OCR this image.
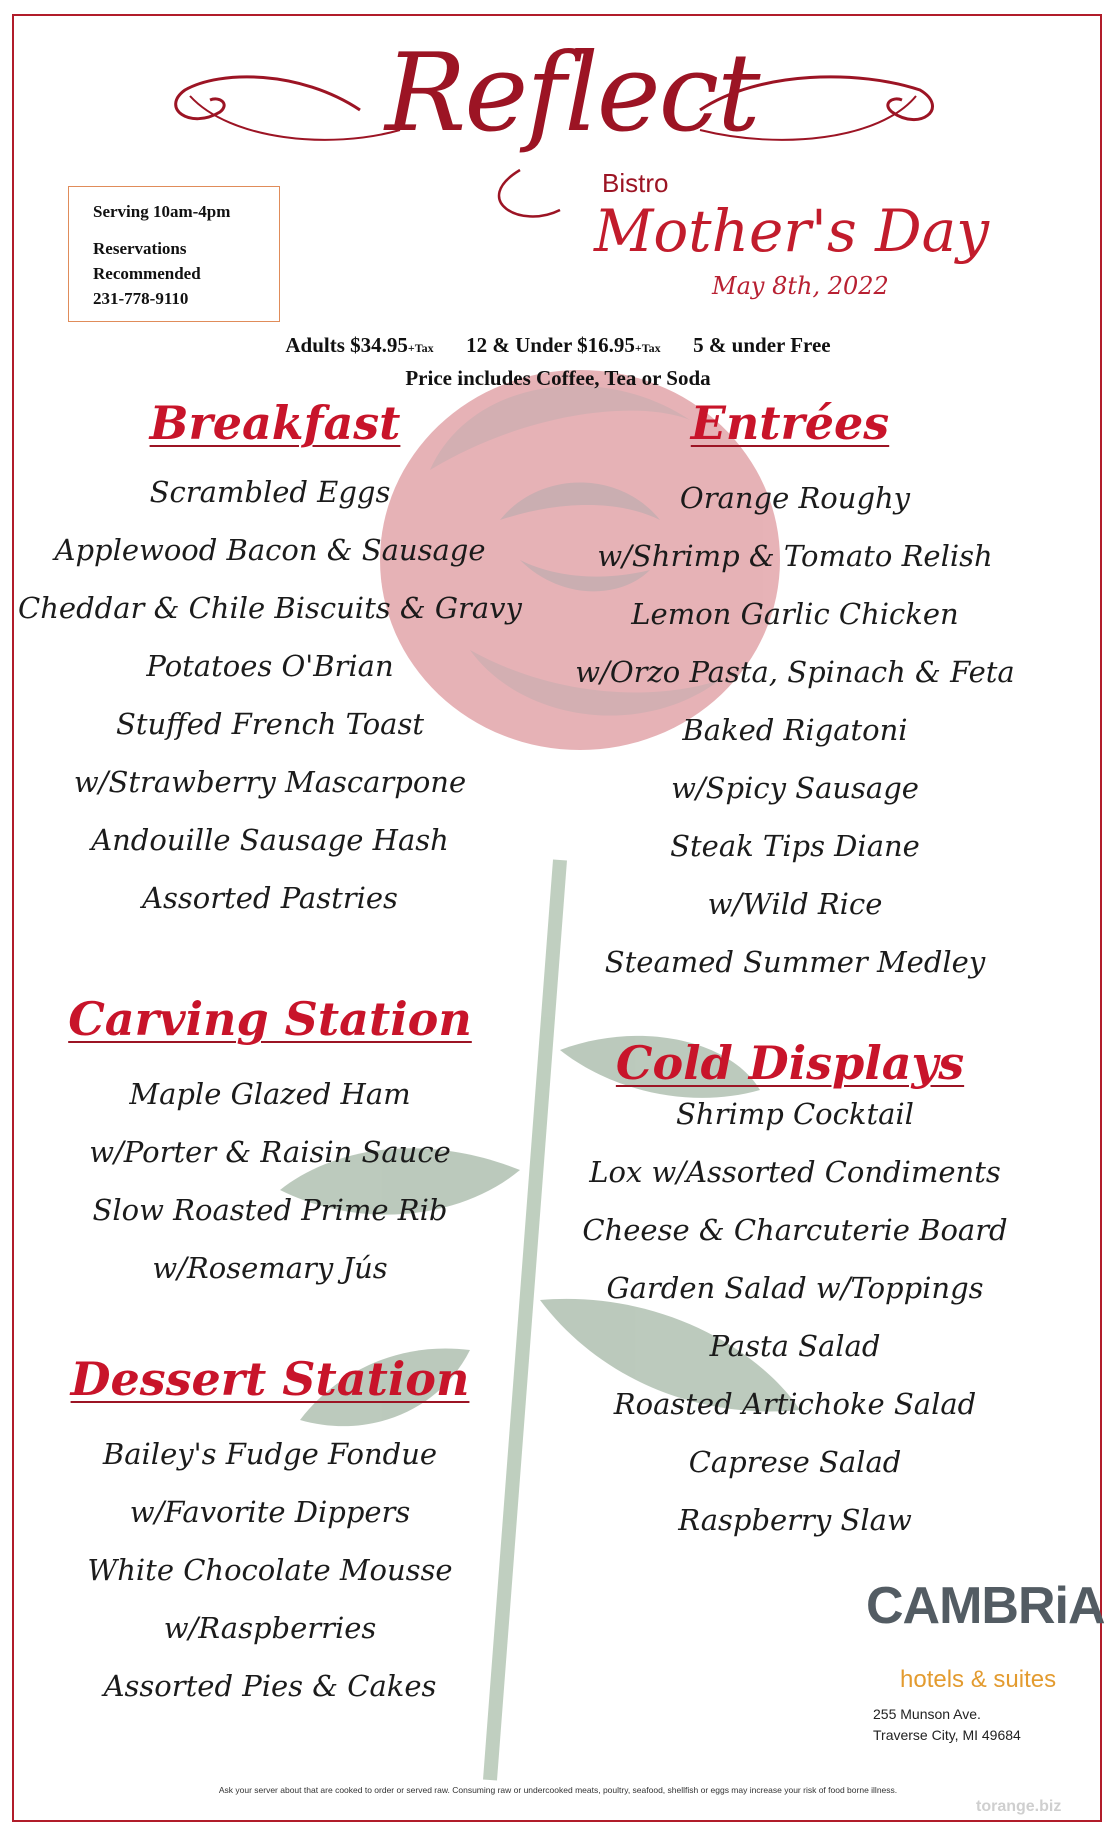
Reflect
Bistro
Mother's Day
May 8th, 2022
Serving 10am-4pm
Reservations
Recommended
231-778-9110
Adults $34.95+Tax 12 & Under $16.95+Tax 5 & under Free
Price includes Coffee, Tea or Soda
Breakfast
Scrambled Eggs
Applewood Bacon & Sausage
Cheddar & Chile Biscuits & Gravy
Potatoes O'Brian
Stuffed French Toast
w/Strawberry Mascarpone
Andouille Sausage Hash
Assorted Pastries
Carving Station
Maple Glazed Ham
w/Porter & Raisin Sauce
Slow Roasted Prime Rib
w/Rosemary Jús
Dessert Station
Bailey's Fudge Fondue
w/Favorite Dippers
White Chocolate Mousse
w/Raspberries
Assorted Pies & Cakes
Entrées
Orange Roughy
w/Shrimp & Tomato Relish
Lemon Garlic Chicken
w/Orzo Pasta, Spinach & Feta
Baked Rigatoni
w/Spicy Sausage
Steak Tips Diane
w/Wild Rice
Steamed Summer Medley
Cold Displays
Shrimp Cocktail
Lox w/Assorted Condiments
Cheese & Charcuterie Board
Garden Salad w/Toppings
Pasta Salad
Roasted Artichoke Salad
Caprese Salad
Raspberry Slaw
CAMBRiA
hotels & suites
255 Munson Ave.
Traverse City, MI 49684
Ask your server about that are cooked to order or served raw. Consuming raw or undercooked meats, poultry, seafood, shellfish or eggs may increase your risk of food borne illness.
torange.biz
